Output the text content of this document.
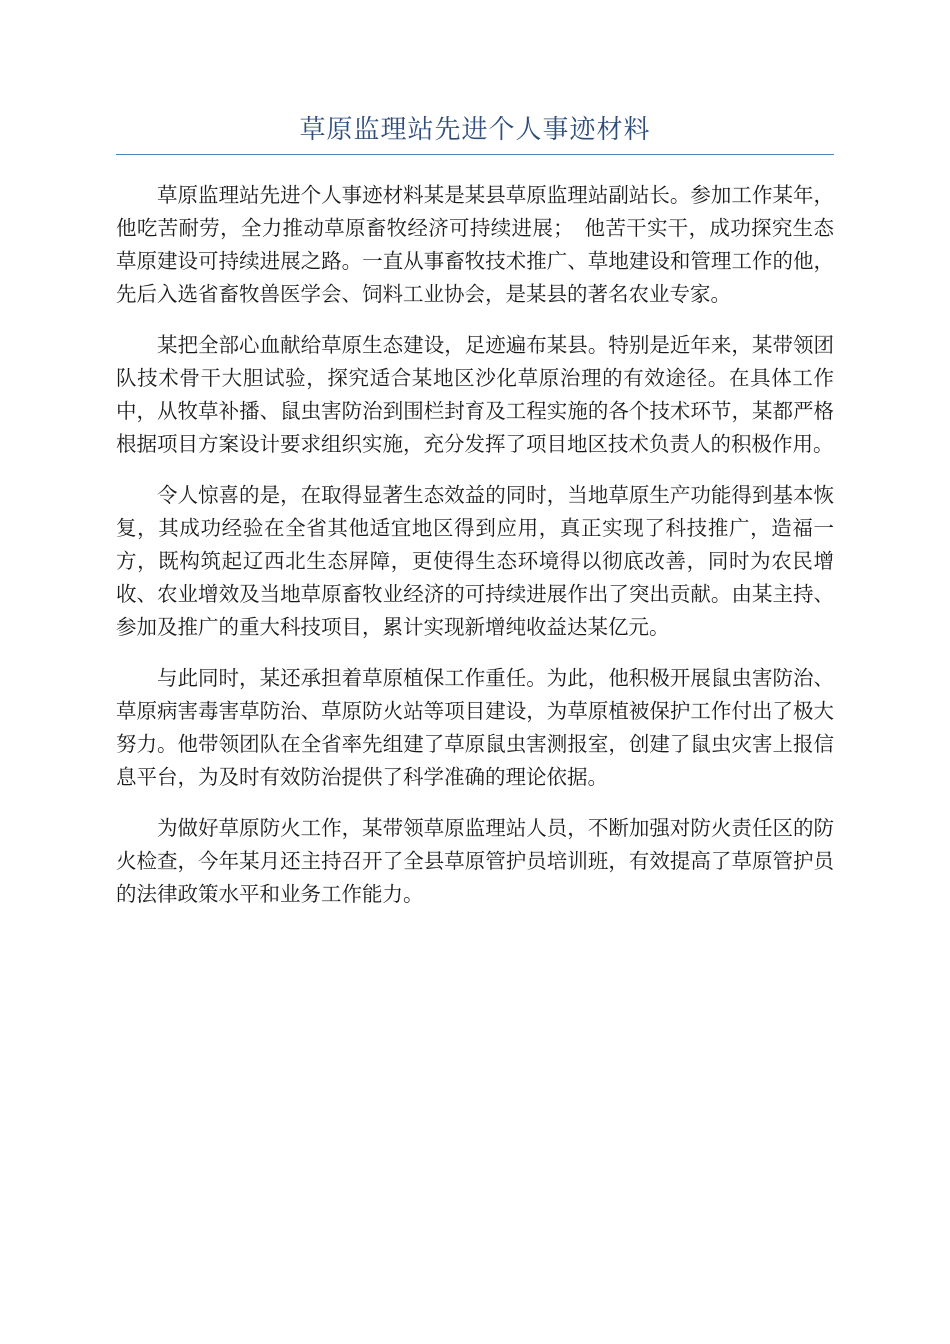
草原监理站先进个人事迹材料

草原监理站先进个人事迹材料某是某县草原监理站副站长。参加工作某年，他吃苦耐劳，全力推动草原畜牧经济可持续进展；　他苦干实干，成功探究生态草原建设可持续进展之路。一直从事畜牧技术推广、草地建设和管理工作的他，先后入选省畜牧兽医学会、饲料工业协会，是某县的著名农业专家。

某把全部心血献给草原生态建设，足迹遍布某县。特别是近年来，某带领团队技术骨干大胆试验，探究适合某地区沙化草原治理的有效途径。在具体工作中，从牧草补播、鼠虫害防治到围栏封育及工程实施的各个技术环节，某都严格根据项目方案设计要求组织实施，充分发挥了项目地区技术负责人的积极作用。

令人惊喜的是，在取得显著生态效益的同时，当地草原生产功能得到基本恢复，其成功经验在全省其他适宜地区得到应用，真正实现了科技推广，造福一方，既构筑起辽西北生态屏障，更使得生态环境得以彻底改善，同时为农民增收、农业增效及当地草原畜牧业经济的可持续进展作出了突出贡献。由某主持、参加及推广的重大科技项目，累计实现新增纯收益达某亿元。

与此同时，某还承担着草原植保工作重任。为此，他积极开展鼠虫害防治、草原病害毒害草防治、草原防火站等项目建设，为草原植被保护工作付出了极大努力。他带领团队在全省率先组建了草原鼠虫害测报室，创建了鼠虫灾害上报信息平台，为及时有效防治提供了科学准确的理论依据。

为做好草原防火工作，某带领草原监理站人员，不断加强对防火责任区的防火检查，今年某月还主持召开了全县草原管护员培训班，有效提高了草原管护员的法律政策水平和业务工作能力。
